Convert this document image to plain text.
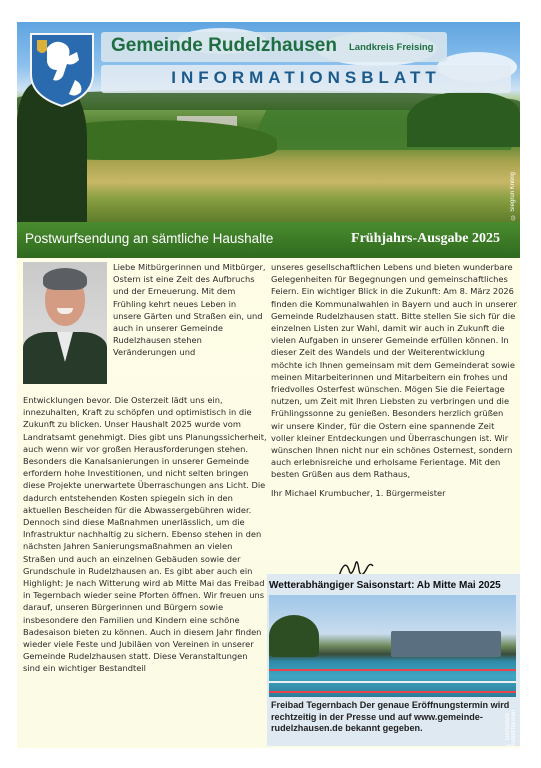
© Siegrun Knörig
Gemeinde Rudelzhausen Landkreis Freising
INFORMATIONSBLATT
Postwurfsendung an sämtliche Haushalte	Frühjahrs-Ausgabe 2025

Liebe Mitbürgerinnen und Mitbürger, Ostern ist eine Zeit des Aufbruchs und der Erneuerung. Mit dem Frühling kehrt neues Leben in unsere Gärten und Straßen ein, und auch in unserer Gemeinde Rudelzhausen stehen Veränderungen und

Entwicklungen bevor. Die Osterzeit lädt uns ein, innezuhalten, Kraft zu schöpfen und optimistisch in die Zukunft zu blicken. Unser Haushalt 2025 wurde vom Landratsamt genehmigt. Dies gibt uns Planungssicherheit, auch wenn wir vor großen Herausforderungen stehen. Besonders die Kanalsanierungen in unserer Gemeinde erfordern hohe Investitionen, und nicht selten bringen diese Projekte unerwartete Überraschungen ans Licht. Die dadurch entstehenden Kosten spiegeln sich in den aktuellen Bescheiden für die Abwassergebühren wider. Dennoch sind diese Maßnahmen unerlässlich, um die Infrastruktur nachhaltig zu sichern. Ebenso stehen in den nächsten Jahren Sanierungsmaßnahmen an vielen Straßen und auch an einzelnen Gebäuden sowie der Grundschule in Rudelzhausen an. Es gibt aber auch ein Highlight: Je nach Witterung wird ab Mitte Mai das Freibad in Tegernbach wieder seine Pforten öffnen. Wir freuen uns darauf, unseren Bürgerinnen und Bürgern sowie insbesondere den Familien und Kindern eine schöne Badesaison bieten zu können. Auch in diesem Jahr finden wieder viele Feste und Jubiläen von Vereinen in unserer Gemeinde Rudelzhausen statt. Diese Veranstaltungen sind ein wichtiger Bestandteil

unseres gesellschaftlichen Lebens und bieten wunderbare Gelegenheiten für Begegnungen und gemeinschaftliches Feiern. Ein wichtiger Blick in die Zukunft: Am 8. März 2026 finden die Kommunalwahlen in Bayern und auch in unserer Gemeinde Rudelzhausen statt. Bitte stellen Sie sich für die einzelnen Listen zur Wahl, damit wir auch in Zukunft die vielen Aufgaben in unserer Gemeinde erfüllen können. In dieser Zeit des Wandels und der Weiterentwicklung möchte ich Ihnen gemeinsam mit dem Gemeinderat sowie meinen Mitarbeiterinnen und Mitarbeitern ein frohes und friedvolles Osterfest wünschen. Mögen Sie die Feiertage nutzen, um Zeit mit Ihren Liebsten zu verbringen und die Frühlingssonne zu genießen. Besonders herzlich grüßen wir unsere Kinder, für die Ostern eine spannende Zeit voller kleiner Entdeckungen und Überraschungen ist. Wir wünschen Ihnen nicht nur ein schönes Osternest, sondern auch erlebnisreiche und erholsame Ferientage. Mit den besten Grüßen aus dem Rathaus,

Ihr Michael Krumbucher, 1. Bürgermeister

Wetterabhängiger Saisonstart: Ab Mitte Mai 2025
© Gemeinde Rudelzhausen
Freibad Tegernbach Der genaue Eröffnungstermin wird rechtzeitig in der Presse und auf www.gemeinde-rudelzhausen.de bekannt gegeben.
